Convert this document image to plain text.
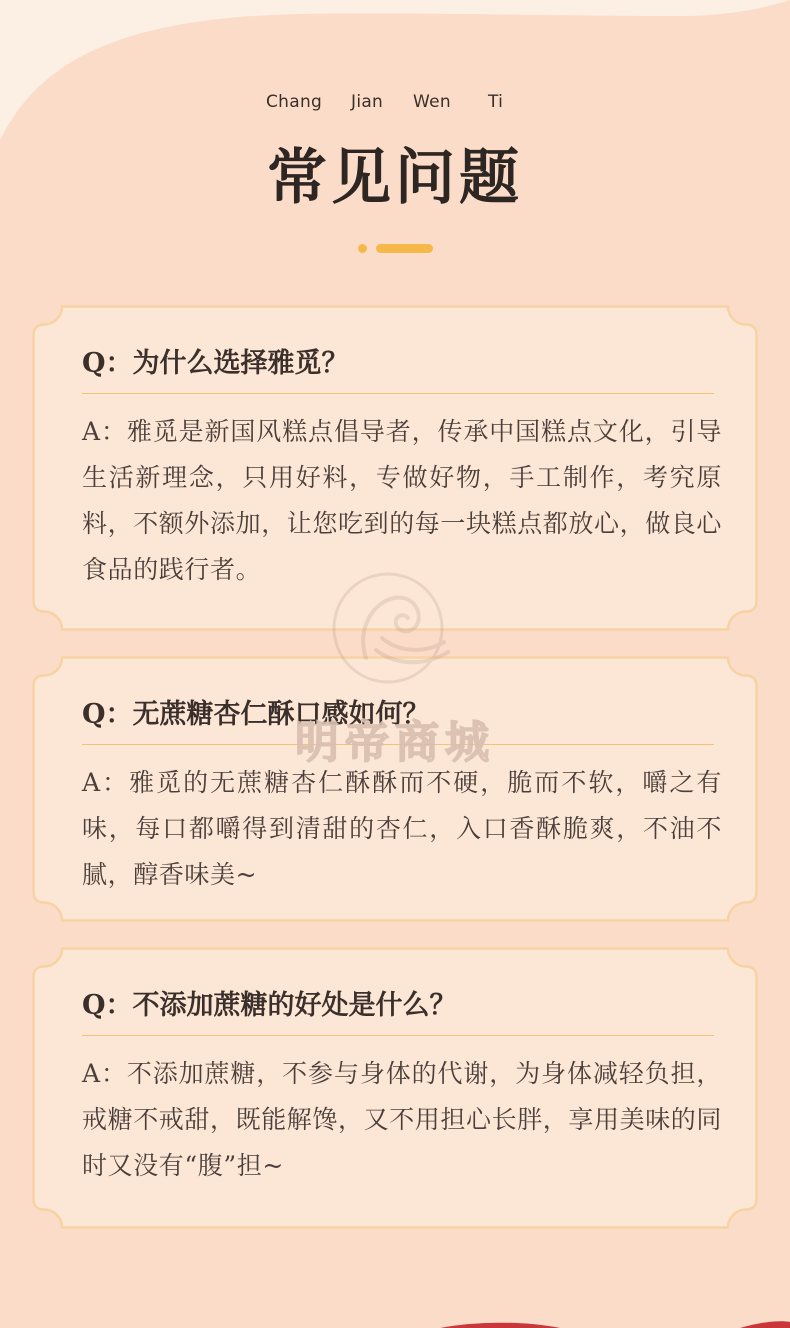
Chang Jian Wen Ti
常见问题
Q：为什么选择雅觅？
A：雅觅是新国风糕点倡导者，传承中国糕点文化，引导生活新理念，只用好料，专做好物，手工制作，考究原料，不额外添加，让您吃到的每一块糕点都放心，做良心食品的践行者。
Q：无蔗糖杏仁酥口感如何？
A：雅觅的无蔗糖杏仁酥酥而不硬，脆而不软，嚼之有味，每口都嚼得到清甜的杏仁，入口香酥脆爽，不油不腻，醇香味美~
Q：不添加蔗糖的好处是什么？
A：不添加蔗糖，不参与身体的代谢，为身体减轻负担，戒糖不戒甜，既能解馋，又不用担心长胖，享用美味的同时又没有“腹”担~
明帝商城
